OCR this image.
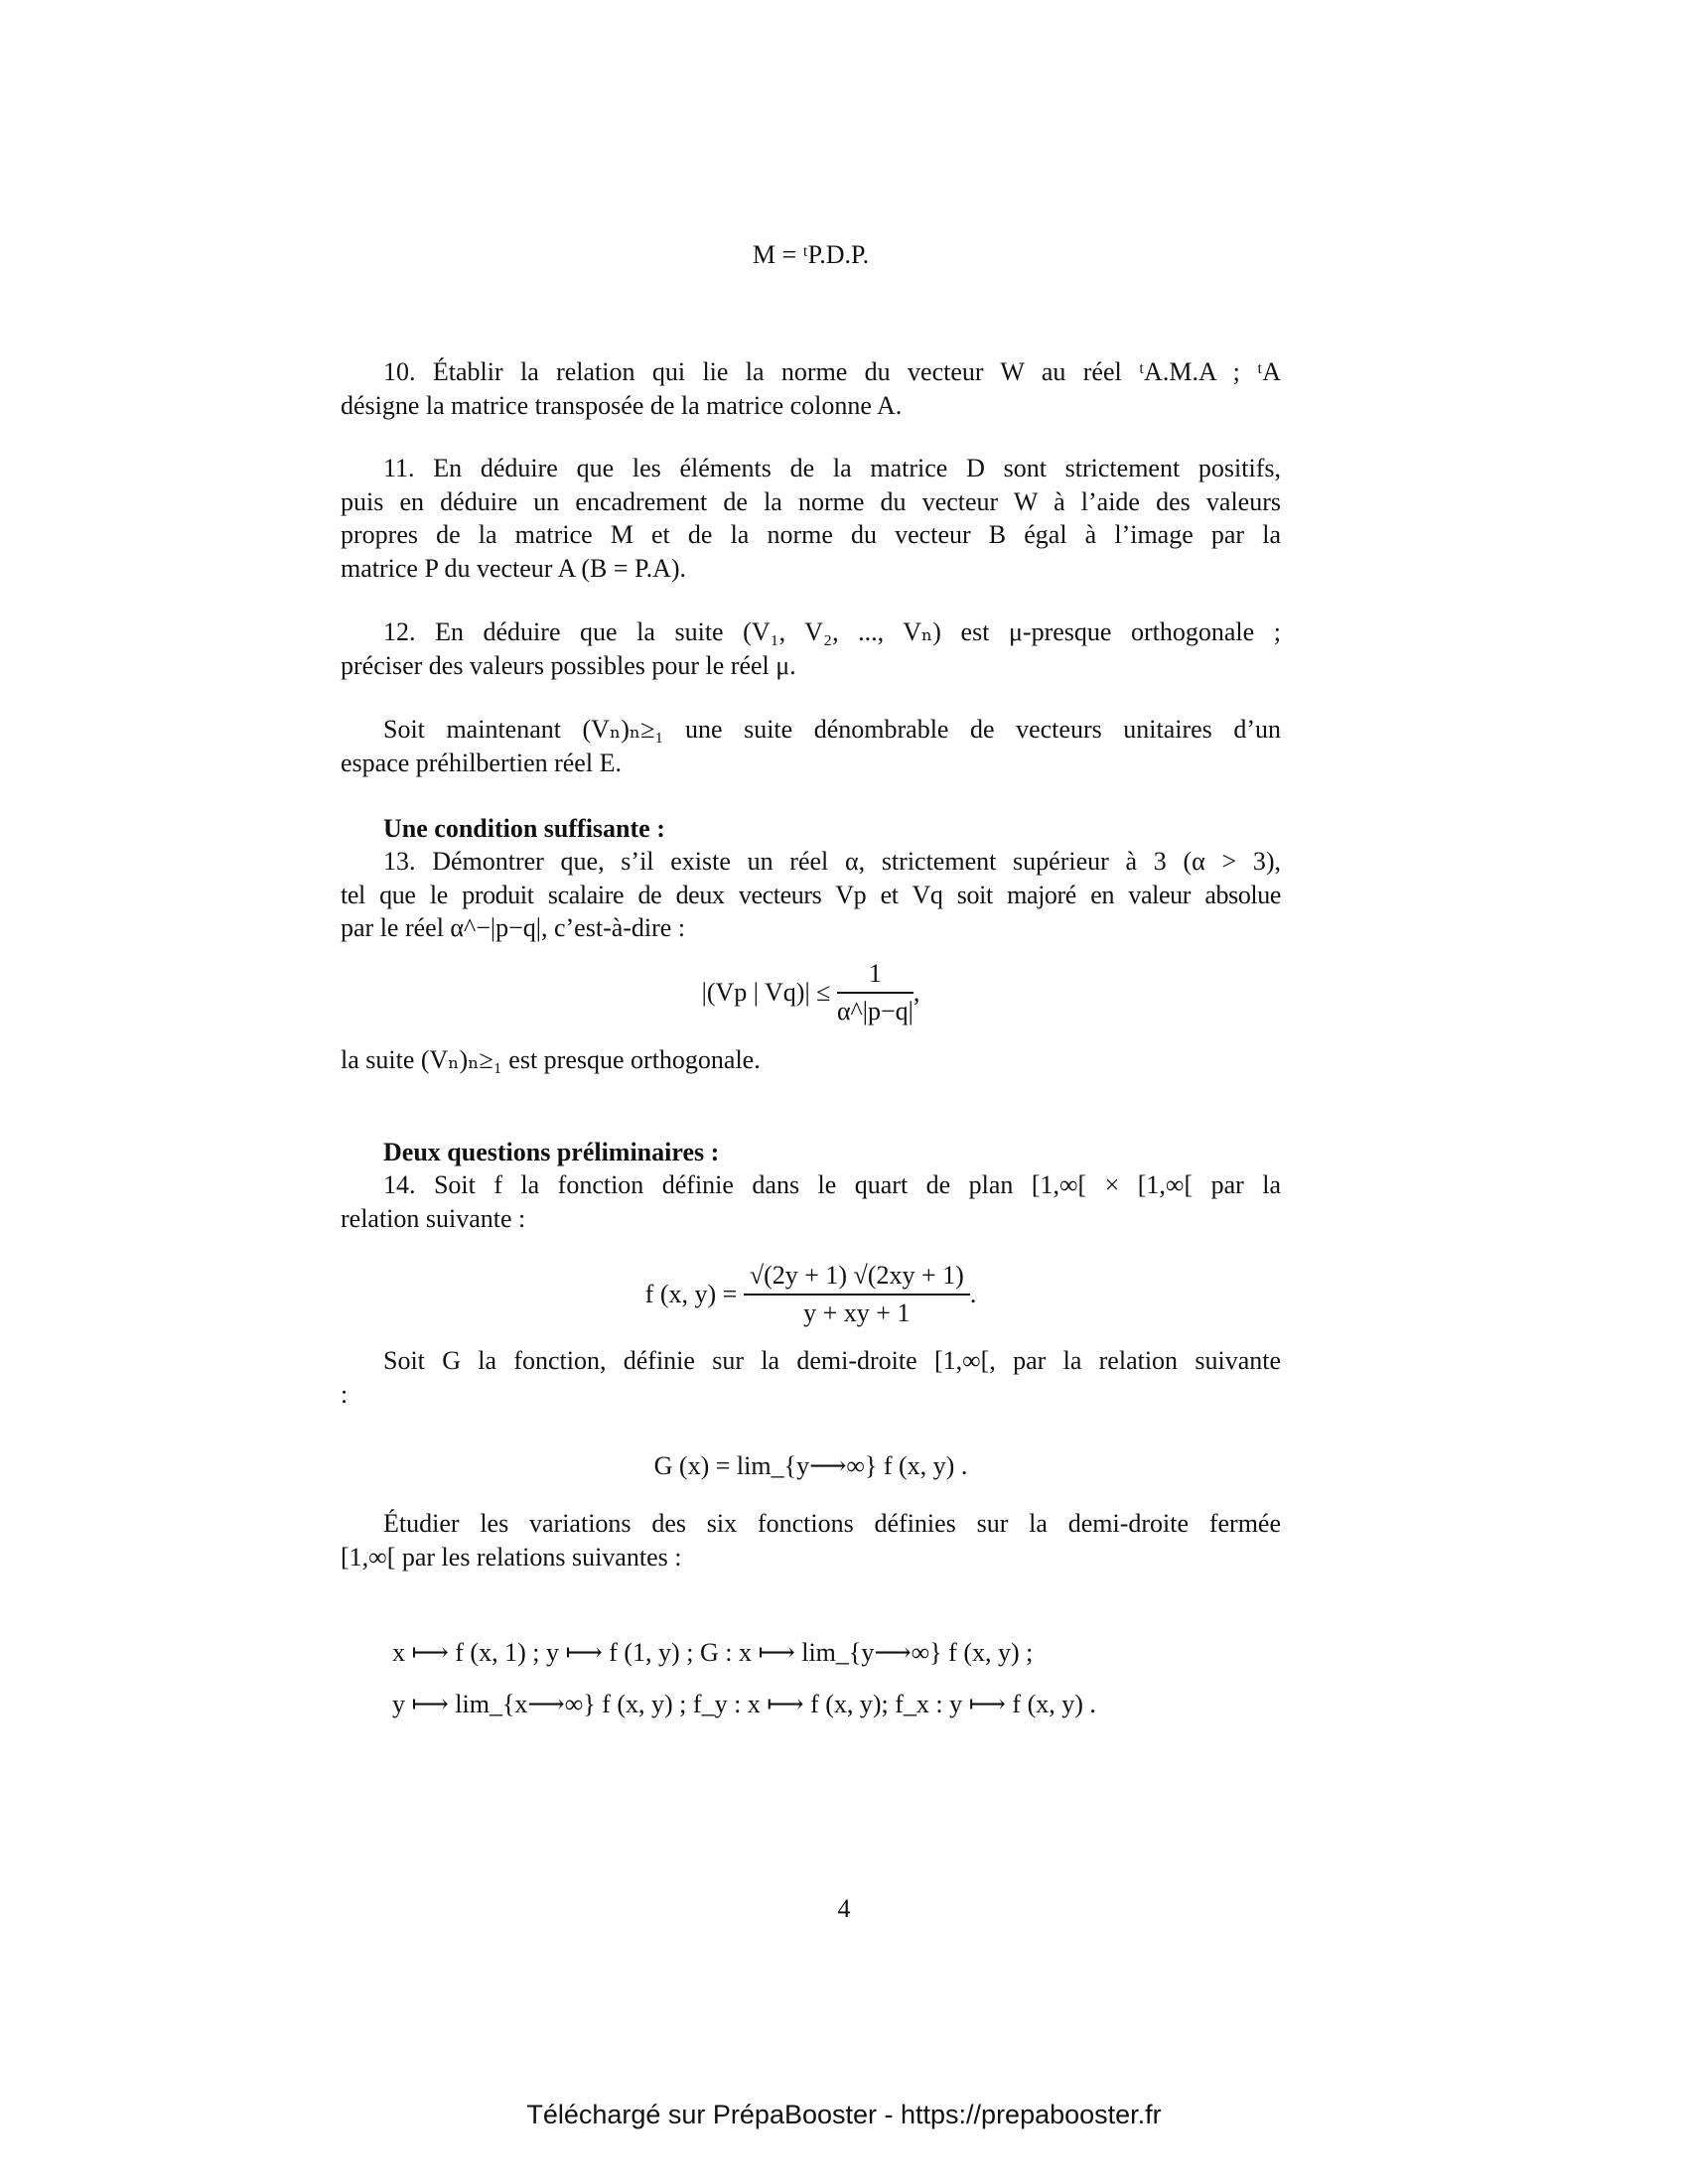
M = ᵗP.D.P.
10. Établir la relation qui lie la norme du vecteur W au réel ᵗA.M.A ; ᵗA
désigne la matrice transposée de la matrice colonne A.
11. En déduire que les éléments de la matrice D sont strictement positifs,
puis en déduire un encadrement de la norme du vecteur W à l’aide des valeurs
propres de la matrice M et de la norme du vecteur B égal à l’image par la
matrice P du vecteur A (B = P.A).
12. En déduire que la suite (V₁, V₂, ..., Vₙ) est μ-presque orthogonale ;
préciser des valeurs possibles pour le réel μ.
Soit maintenant (Vₙ)ₙ≥₁ une suite dénombrable de vecteurs unitaires d’un
espace préhilbertien réel E.
Une condition suffisante :
13. Démontrer que, s’il existe un réel α, strictement supérieur à 3 (α > 3),
tel que le produit scalaire de deux vecteurs Vp et Vq soit majoré en valeur absolue
par le réel α^−|p−q|, c’est-à-dire :
|(Vp | $Vq)| \le \frac{1}{\alpha\^{}|p-q|}$ ,
la suite (Vₙ)ₙ≥₁ est presque orthogonale.
Deux questions préliminaires :
14. Soit f la fonction définie dans le quart de plan [1,∞[ × [1,∞[ par la
relation suivante :
f (x, $y) = \frac{√(2y + 1) √(2xy + 1)}{y + xy + 1}$ .
Soit G la fonction, définie sur la demi-droite [1,∞[, par la relation suivante
:
G (x) = lim_{y⟶∞} f (x, y) .
Étudier les variations des six fonctions définies sur la demi-droite fermée
[1,∞[ par les relations suivantes :
x ⟼ f (x, 1) ; y ⟼ f (1, y) ; G : x ⟼ lim_{y⟶∞} f (x, y) ;
y ⟼ lim_{x⟶∞} f (x, y) ; f_y : x ⟼ f (x, y); f_x : y ⟼ f (x, y) .
4
Téléchargé sur PrépaBooster - https://prepabooster.fr
